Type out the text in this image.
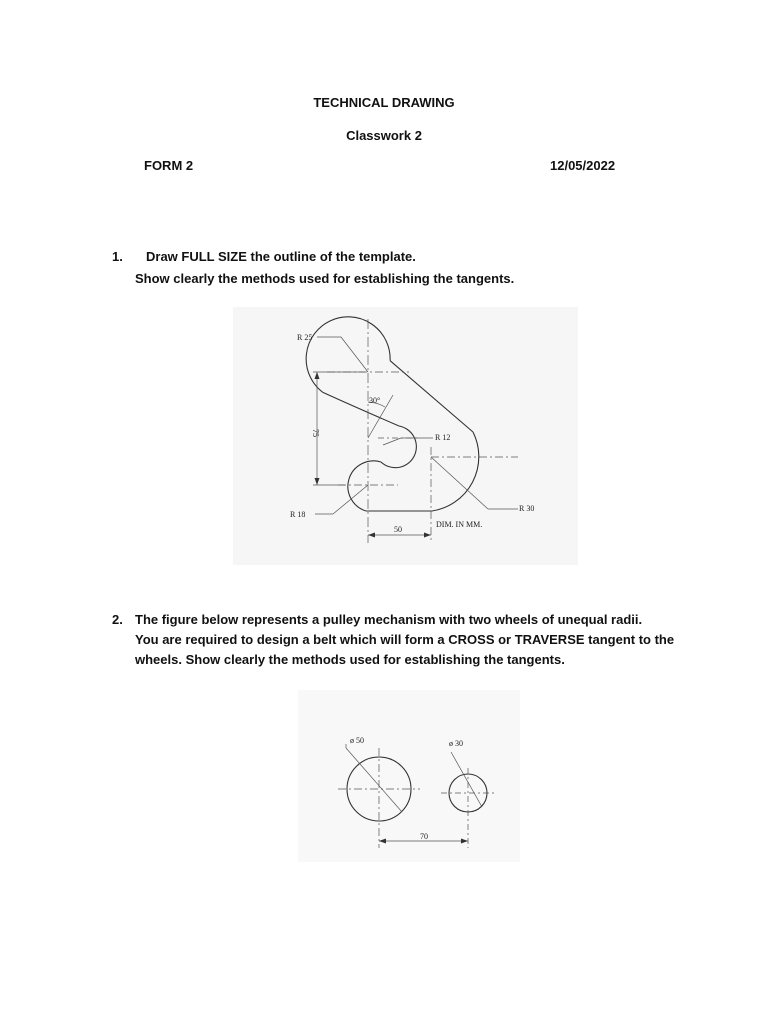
TECHNICAL DRAWING
Classwork 2
FORM 2	12/05/2022
1. Draw FULL SIZE the outline of the template.
Show clearly the methods used for establishing the tangents.
R 25
R 12
R 18
R 30
75
30°
50
DIM. IN MM.
2. The figure below represents a pulley mechanism with two wheels of unequal radii.
You are required to design a belt which will form a CROSS or TRAVERSE tangent to the
wheels. Show clearly the methods used for establishing the tangents.
ø 50	ø 30
70
